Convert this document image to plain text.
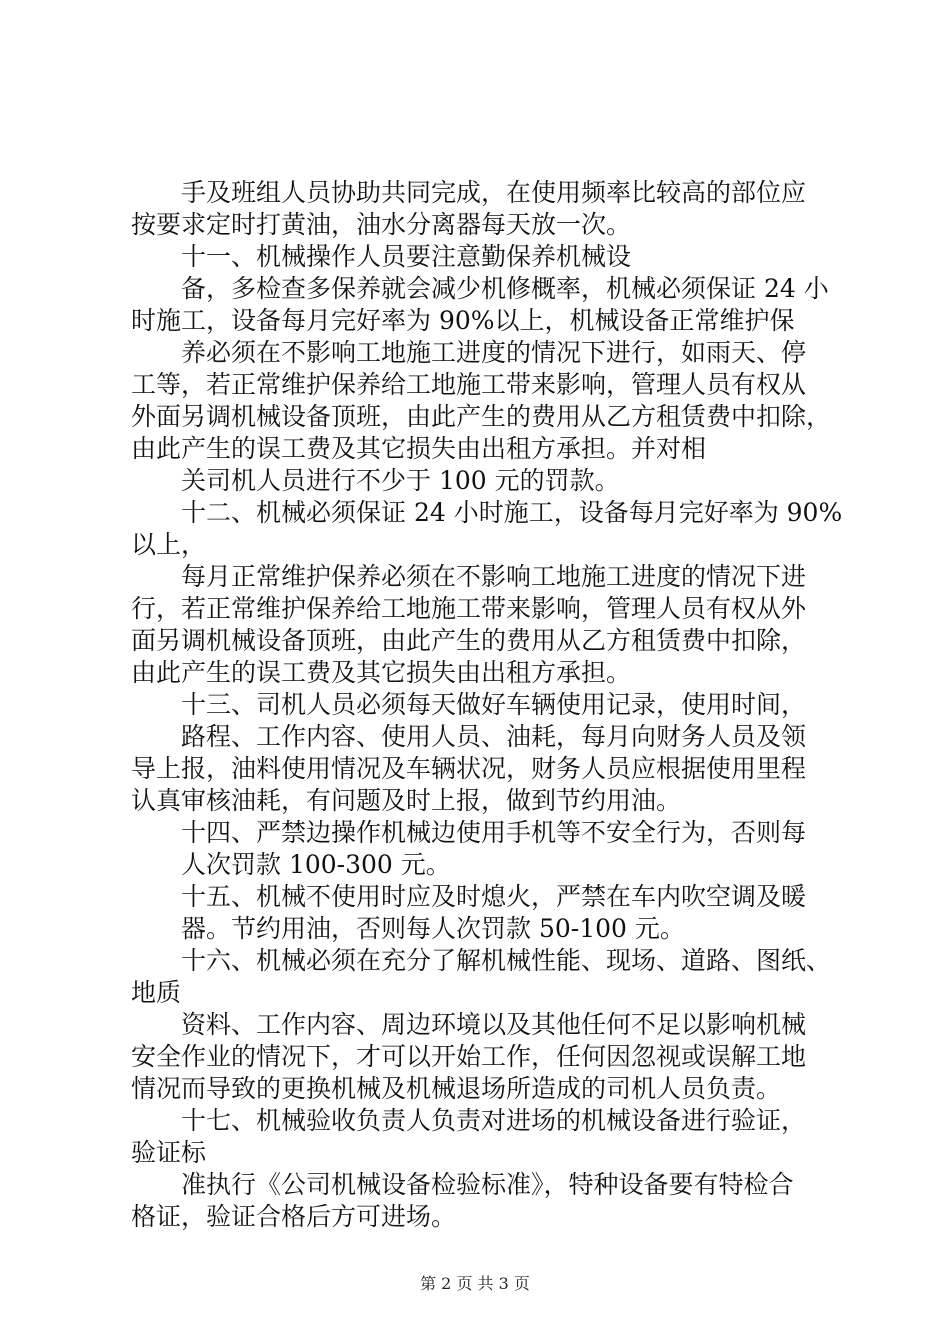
手及班组人员协助共同完成，在使用频率比较高的部位应
按要求定时打黄油，油水分离器每天放一次。
十一、机械操作人员要注意勤保养机械设
备，多检查多保养就会减少机修概率，机械必须保证 24 小
时施工，设备每月完好率为 90%以上，机械设备正常维护保
养必须在不影响工地施工进度的情况下进行，如雨天、停
工等，若正常维护保养给工地施工带来影响，管理人员有权从
外面另调机械设备顶班，由此产生的费用从乙方租赁费中扣除，
由此产生的误工费及其它损失由出租方承担。并对相
关司机人员进行不少于 100 元的罚款。
十二、机械必须保证 24 小时施工，设备每月完好率为 90%
以上，
每月正常维护保养必须在不影响工地施工进度的情况下进
行，若正常维护保养给工地施工带来影响，管理人员有权从外
面另调机械设备顶班，由此产生的费用从乙方租赁费中扣除，
由此产生的误工费及其它损失由出租方承担。
十三、司机人员必须每天做好车辆使用记录，使用时间，
路程、工作内容、使用人员、油耗，每月向财务人员及领
导上报，油料使用情况及车辆状况，财务人员应根据使用里程
认真审核油耗，有问题及时上报，做到节约用油。
十四、严禁边操作机械边使用手机等不安全行为，否则每
人次罚款 100-300 元。
十五、机械不使用时应及时熄火，严禁在车内吹空调及暖
器。节约用油，否则每人次罚款 50-100 元。
十六、机械必须在充分了解机械性能、现场、道路、图纸、
地质
资料、工作内容、周边环境以及其他任何不足以影响机械
安全作业的情况下，才可以开始工作，任何因忽视或误解工地
情况而导致的更换机械及机械退场所造成的司机人员负责。
十七、机械验收负责人负责对进场的机械设备进行验证，
验证标
准执行《公司机械设备检验标准》，特种设备要有特检合
格证，验证合格后方可进场。
第 2 页 共 3 页
